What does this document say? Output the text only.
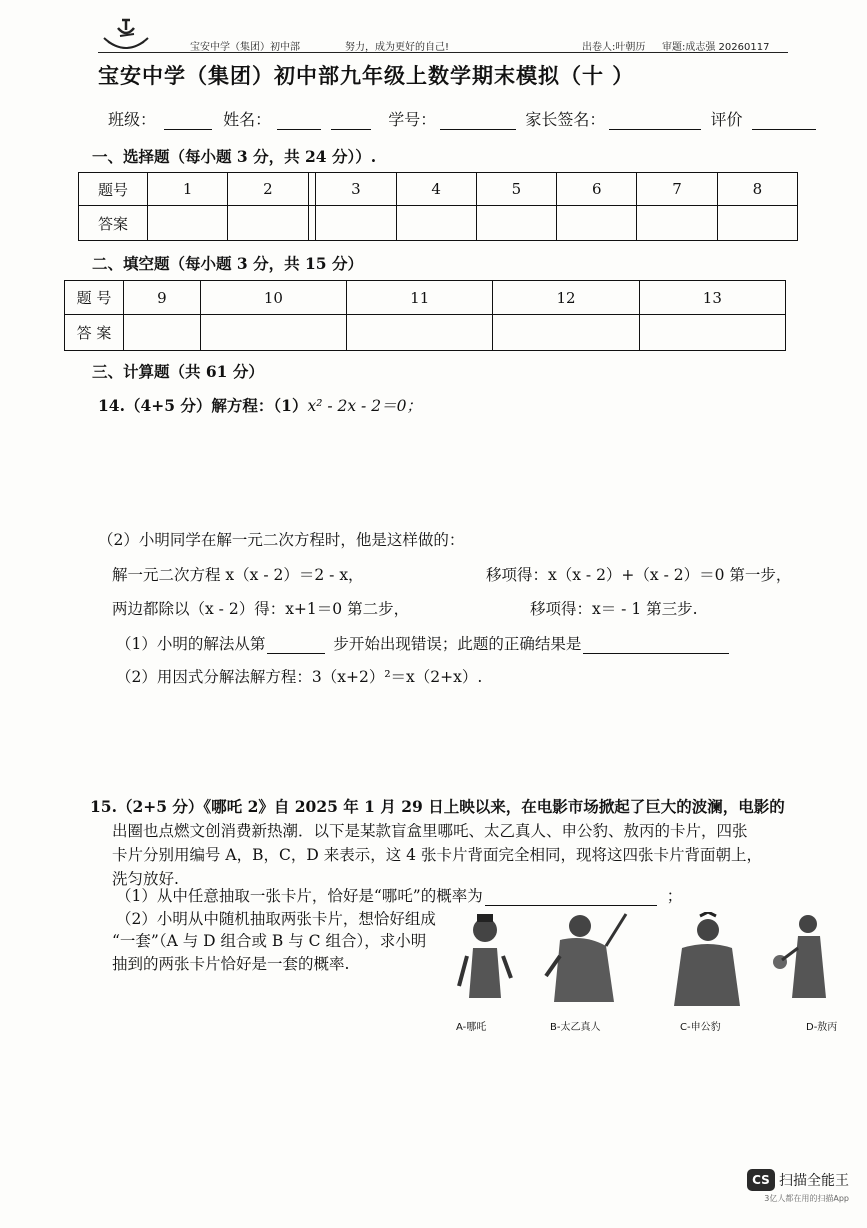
宝安中学（集团）初中部	努力，成为更好的自己!	出卷人:叶朝历 审题:成志强 20260117
宝安中学（集团）初中部九年级上数学期末模拟（十 ）
班级：	姓名：	学号：	家长签名：	评价
一、选择题（每小题 3 分，共 24 分））.
题号	1	2		3	4	5	6	7	8
答案									
二、填空题（每小题 3 分，共 15 分）
题 号	9	10	11	12	13
答 案					
三、计算题（共 61 分）
14.（4+5 分）解方程：（1）x² - 2x - 2＝0；
（2）小明同学在解一元二次方程时，他是这样做的：
解一元二次方程 x（x - 2）＝2 - x，	移项得：x（x - 2）+（x - 2）＝0 第一步，
两边都除以（x - 2）得：x+1＝0 第二步，	移项得：x＝ - 1 第三步.
（1）小明的解法从第	步开始出现错误；此题的正确结果是
（2）用因式分解法解方程：3（x+2）²＝x（2+x）.
15.（2+5 分）《哪吒 2》自 2025 年 1 月 29 日上映以来，在电影市场掀起了巨大的波澜，电影的
出圈也点燃文创消费新热潮．以下是某款盲盒里哪吒、太乙真人、申公豹、敖丙的卡片，四张
卡片分别用编号 A，B，C，D 来表示，这 4 张卡片背面完全相同，现将这四张卡片背面朝上，
洗匀放好.
（1）从中任意抽取一张卡片，恰好是“哪吒”的概率为	；
（2）小明从中随机抽取两张卡片，想恰好组成
“一套”（A 与 D 组合或 B 与 C 组合），求小明
抽到的两张卡片恰好是一套的概率.
A-哪吒	B-太乙真人	C-申公豹	D-敖丙
CS 扫描全能王
3亿人都在用的扫描App
